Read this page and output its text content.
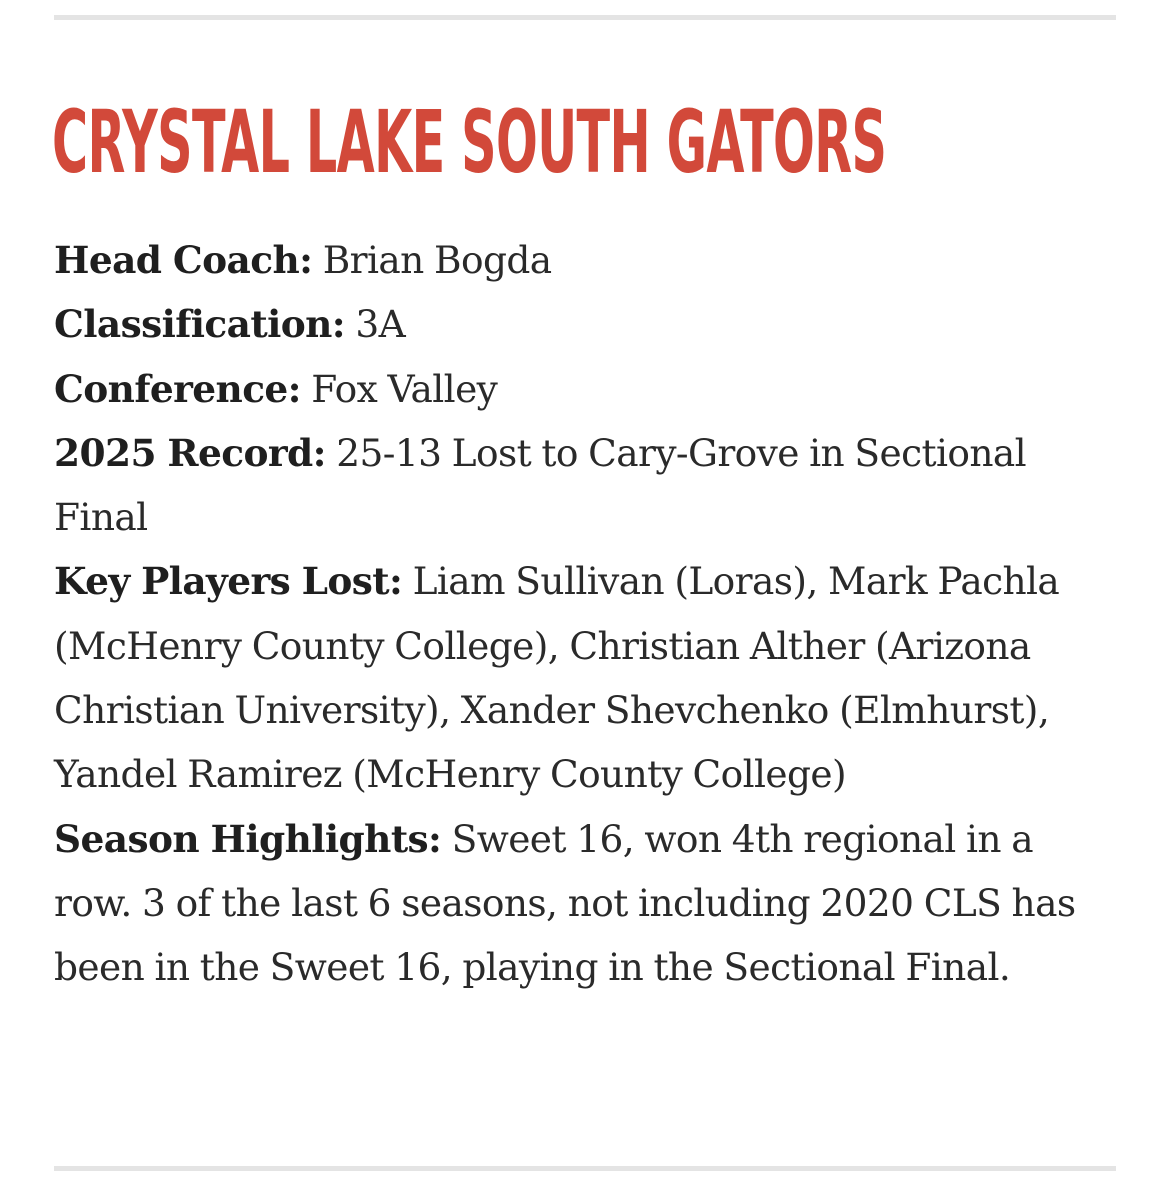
CRYSTAL LAKE SOUTH GATORS
Head Coach: Brian Bogda
Classification: 3A
Conference: Fox Valley
2025 Record: 25-13 Lost to Cary-Grove in Sectional Final
Key Players Lost: Liam Sullivan (Loras), Mark Pachla (McHenry County College), Christian Alther (Arizona Christian University), Xander Shevchenko (Elmhurst), Yandel Ramirez (McHenry County College)
Season Highlights: Sweet 16, won 4th regional in a row. 3 of the last 6 seasons, not including 2020 CLS has been in the Sweet 16, playing in the Sectional Final.
